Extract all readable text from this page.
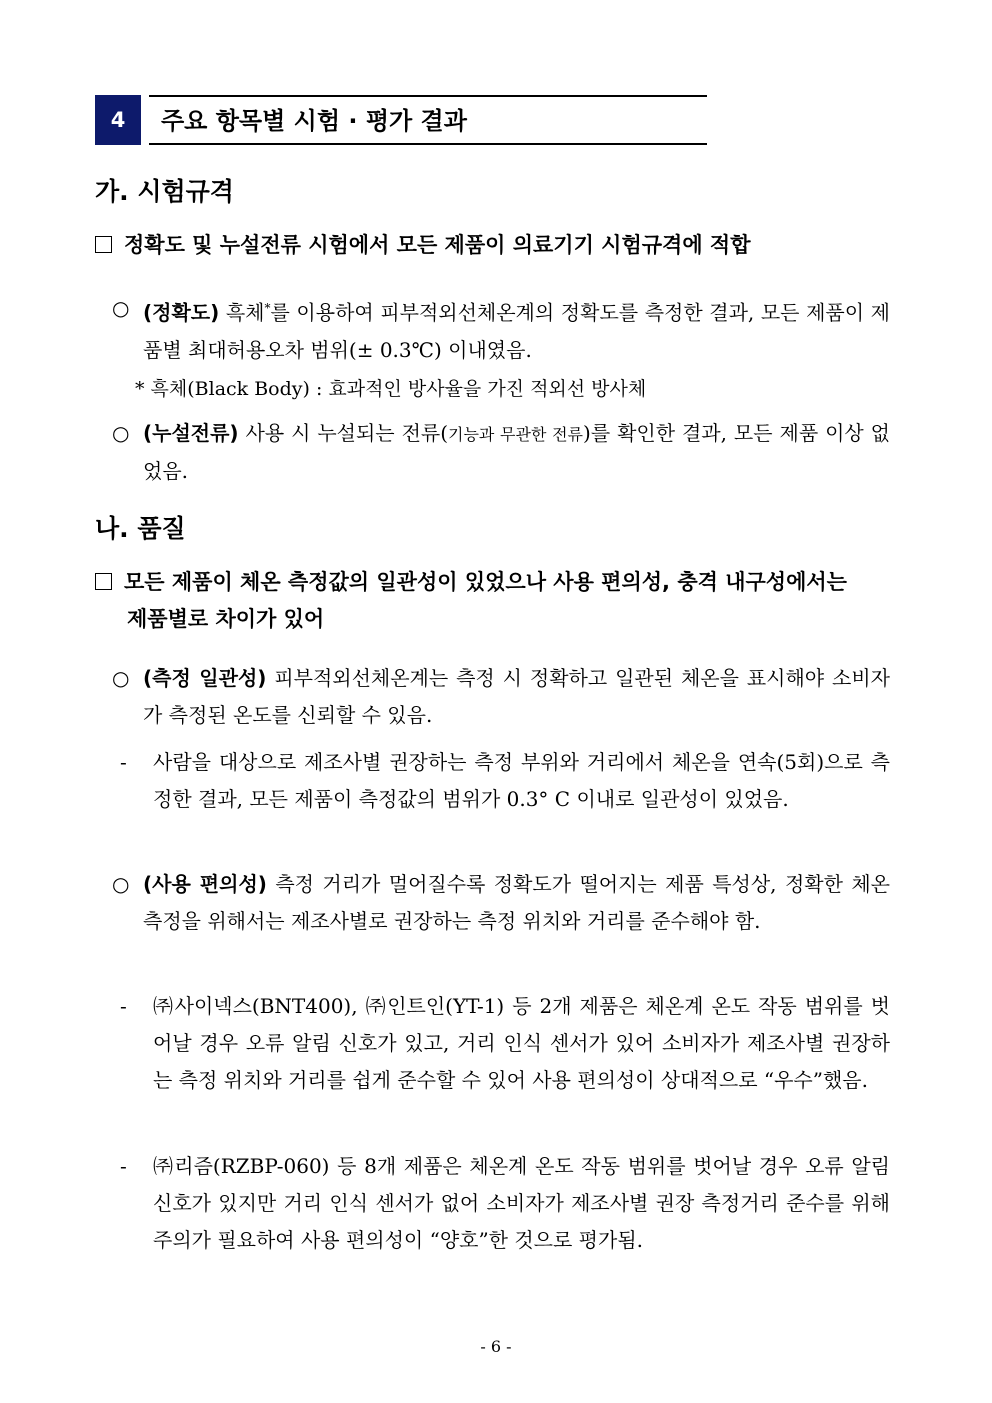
4	주요 항목별 시험 · 평가 결과
가. 시험규격
정확도 및 누설전류 시험에서 모든 제품이 의료기기 시험규격에 적합
○ (정확도) 흑체*를 이용하여 피부적외선체온계의 정확도를 측정한 결과, 모든 제품이 제품별 최대허용오차 범위(± 0.3℃) 이내였음.
* 흑체(Black Body) : 효과적인 방사율을 가진 적외선 방사체
○ (누설전류) 사용 시 누설되는 전류(기능과 무관한 전류)를 확인한 결과, 모든 제품 이상 없었음.
나. 품질
모든 제품이 체온 측정값의 일관성이 있었으나 사용 편의성, 충격 내구성에서는
제품별로 차이가 있어
○ (측정 일관성) 피부적외선체온계는 측정 시 정확하고 일관된 체온을 표시해야 소비자가 측정된 온도를 신뢰할 수 있음.
- 사람을 대상으로 제조사별 권장하는 측정 부위와 거리에서 체온을 연속(5회)으로 측정한 결과, 모든 제품이 측정값의 범위가 0.3° C 이내로 일관성이 있었음.
○ (사용 편의성) 측정 거리가 멀어질수록 정확도가 떨어지는 제품 특성상, 정확한 체온 측정을 위해서는 제조사별로 권장하는 측정 위치와 거리를 준수해야 함.
- ㈜사이넥스(BNT400), ㈜인트인(YT-1) 등 2개 제품은 체온계 온도 작동 범위를 벗어날 경우 오류 알림 신호가 있고, 거리 인식 센서가 있어 소비자가 제조사별 권장하는 측정 위치와 거리를 쉽게 준수할 수 있어 사용 편의성이 상대적으로 “우수”했음.
- ㈜리즘(RZBP-060) 등 8개 제품은 체온계 온도 작동 범위를 벗어날 경우 오류 알림 신호가 있지만 거리 인식 센서가 없어 소비자가 제조사별 권장 측정거리 준수를 위해 주의가 필요하여 사용 편의성이 “양호”한 것으로 평가됨.
- 6 -
